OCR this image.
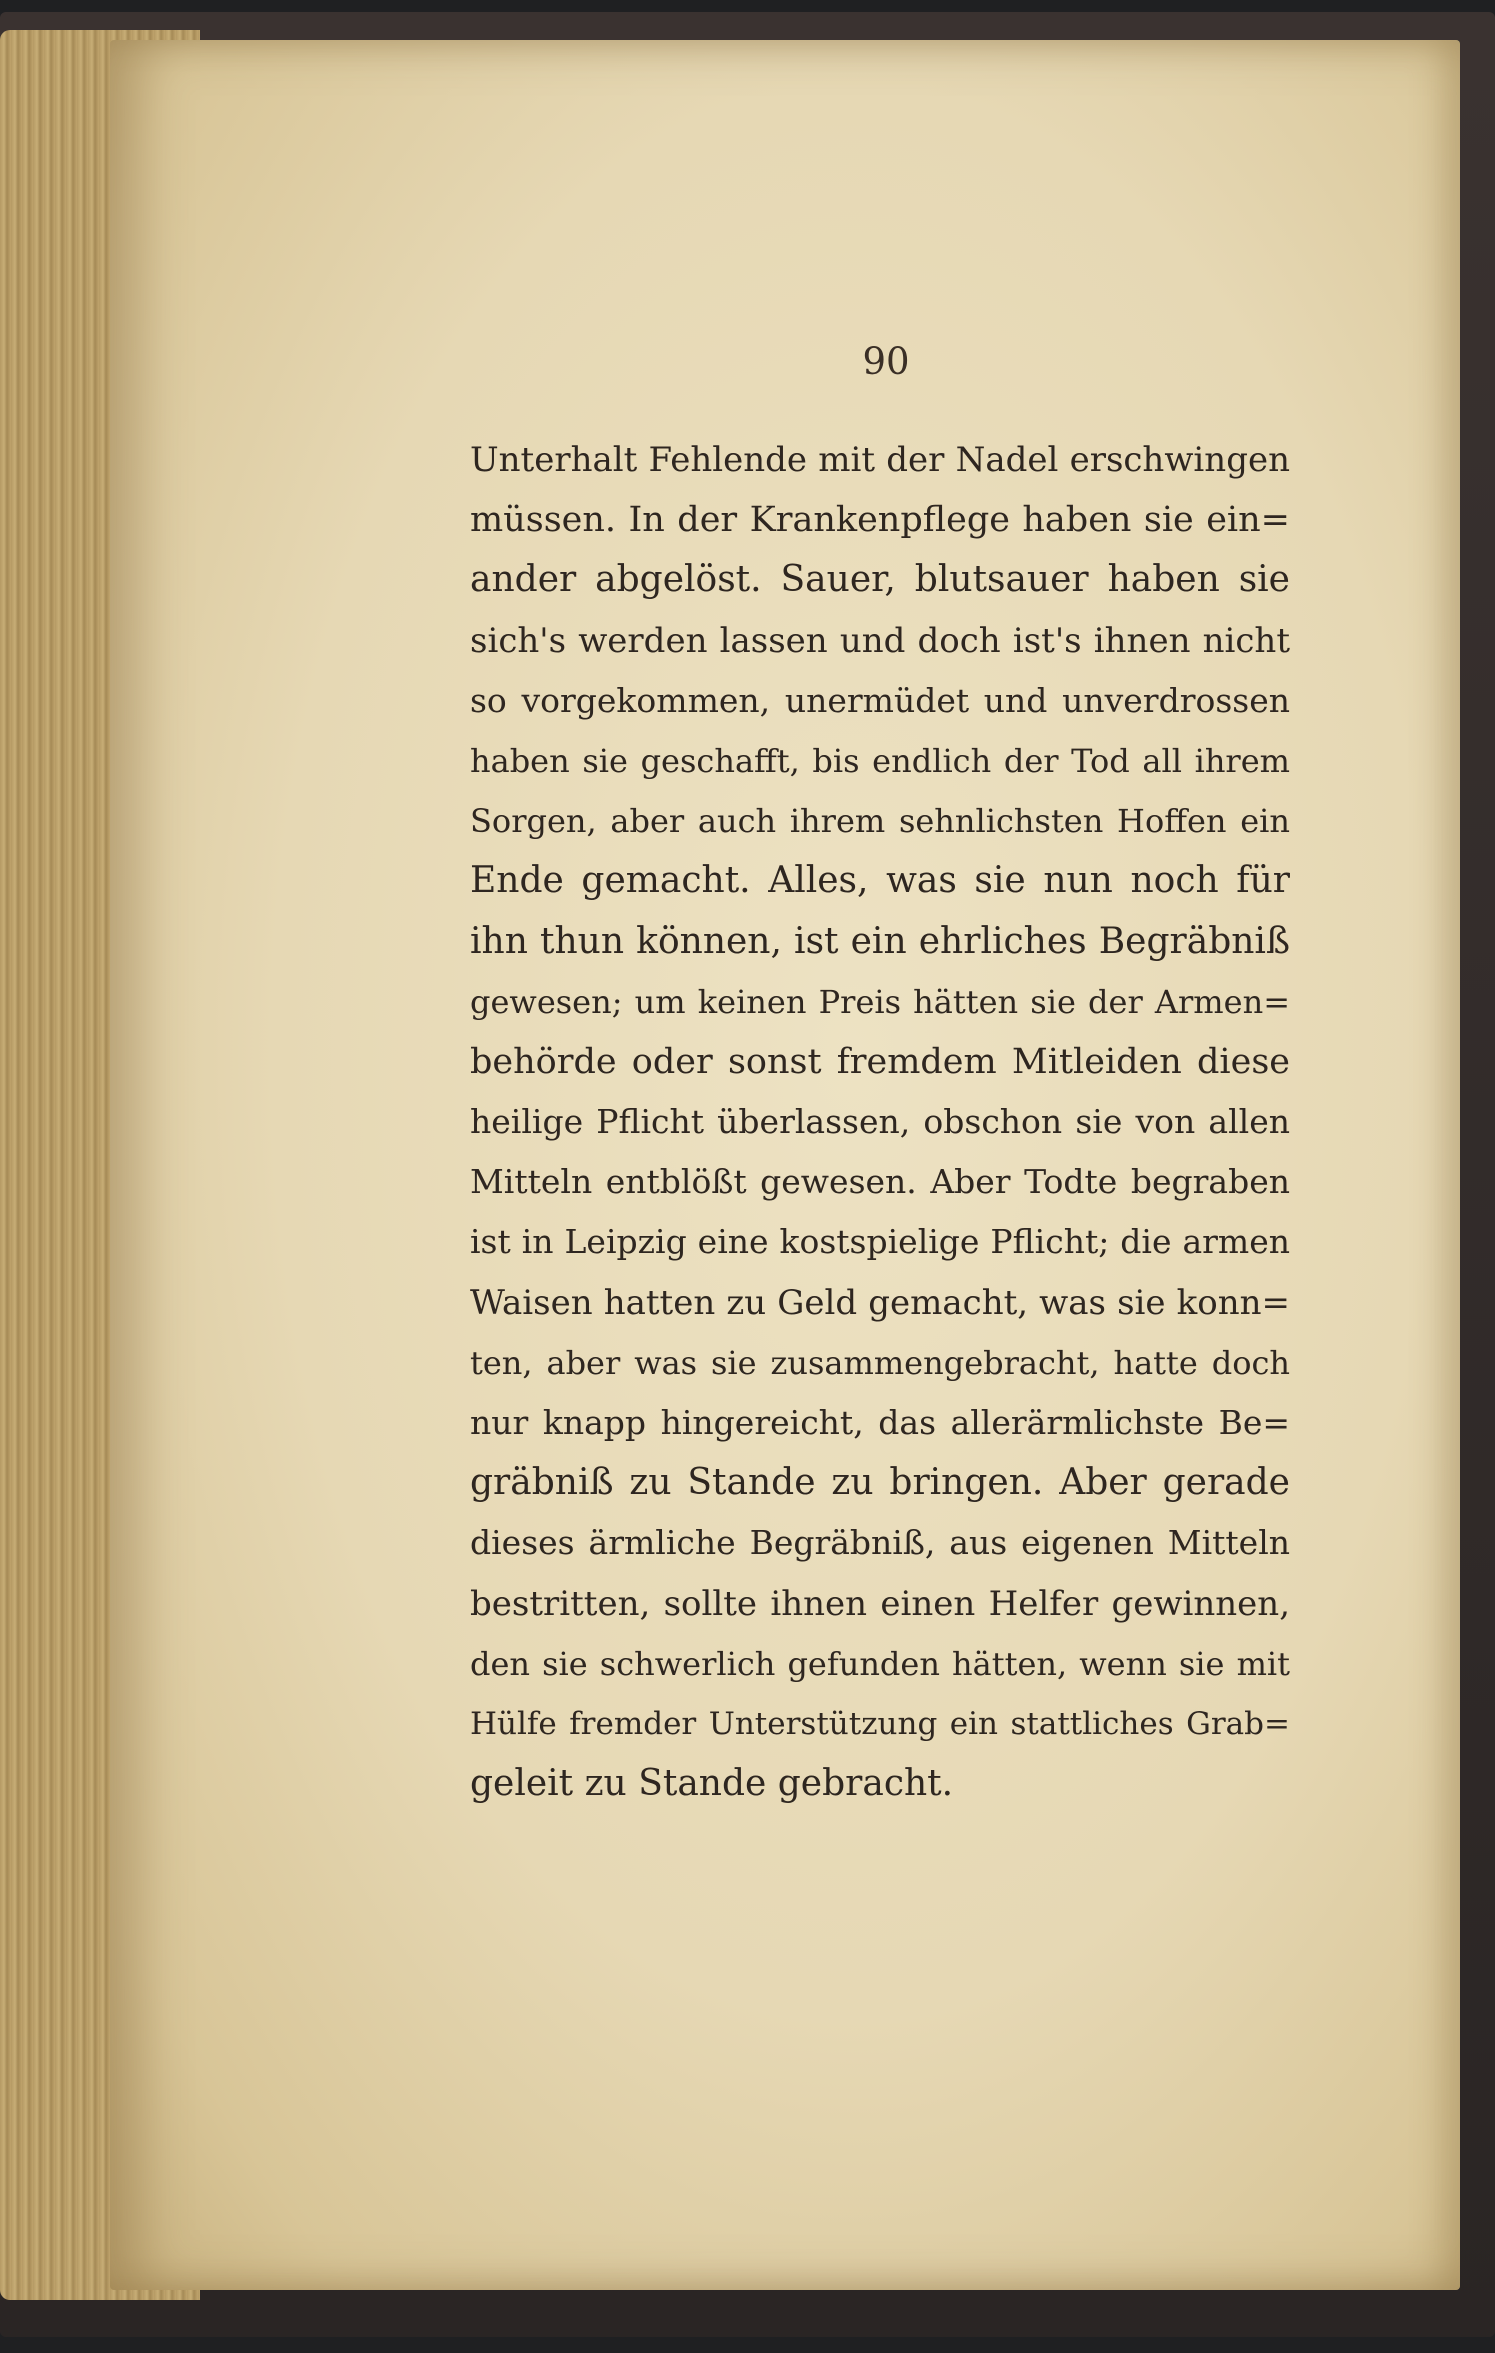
90
Unterhalt Fehlende mit der Nadel erschwingen
müssen. In der Krankenpflege haben sie ein=
ander abgelöst. Sauer, blutsauer haben sie
sich's werden lassen und doch ist's ihnen nicht
so vorgekommen, unermüdet und unverdrossen
haben sie geschafft, bis endlich der Tod all ihrem
Sorgen, aber auch ihrem sehnlichsten Hoffen ein
Ende gemacht. Alles, was sie nun noch für
ihn thun können, ist ein ehrliches Begräbniß
gewesen; um keinen Preis hätten sie der Armen=
behörde oder sonst fremdem Mitleiden diese
heilige Pflicht überlassen, obschon sie von allen
Mitteln entblößt gewesen. Aber Todte begraben
ist in Leipzig eine kostspielige Pflicht; die armen
Waisen hatten zu Geld gemacht, was sie konn=
ten, aber was sie zusammengebracht, hatte doch
nur knapp hingereicht, das allerärmlichste Be=
gräbniß zu Stande zu bringen. Aber gerade
dieses ärmliche Begräbniß, aus eigenen Mitteln
bestritten, sollte ihnen einen Helfer gewinnen,
den sie schwerlich gefunden hätten, wenn sie mit
Hülfe fremder Unterstützung ein stattliches Grab=
geleit zu Stande gebracht.
